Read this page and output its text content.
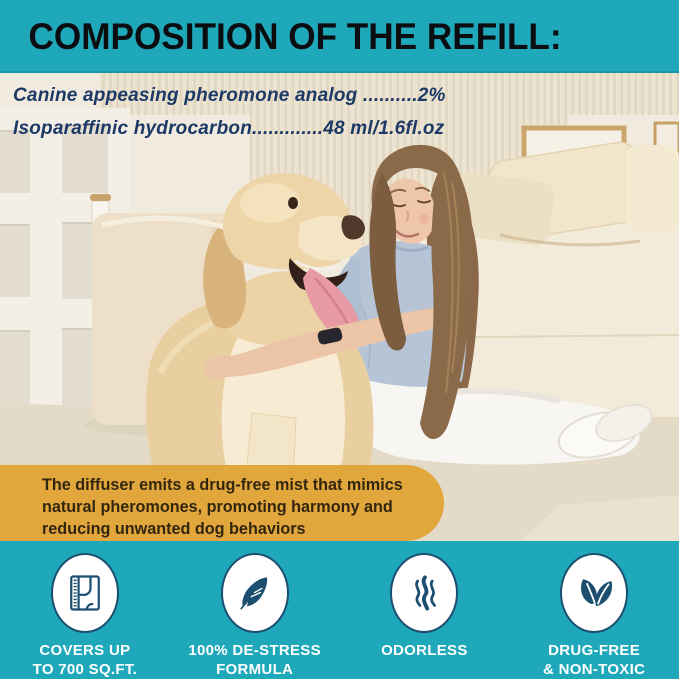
COMPOSITION OF THE REFILL:

Canine appeasing pheromone analog ..........2%

Isoparaffinic hydrocarbon.............48 ml/1.6fl.oz

The diffuser emits a drug-free mist that mimics
natural pheromones, promoting harmony and
reducing unwanted dog behaviors
COVERS UP
TO 700 SQ.FT.
100% DE-STRESS
FORMULA
ODORLESS	DRUG-FREE
& NON-TOXIC
